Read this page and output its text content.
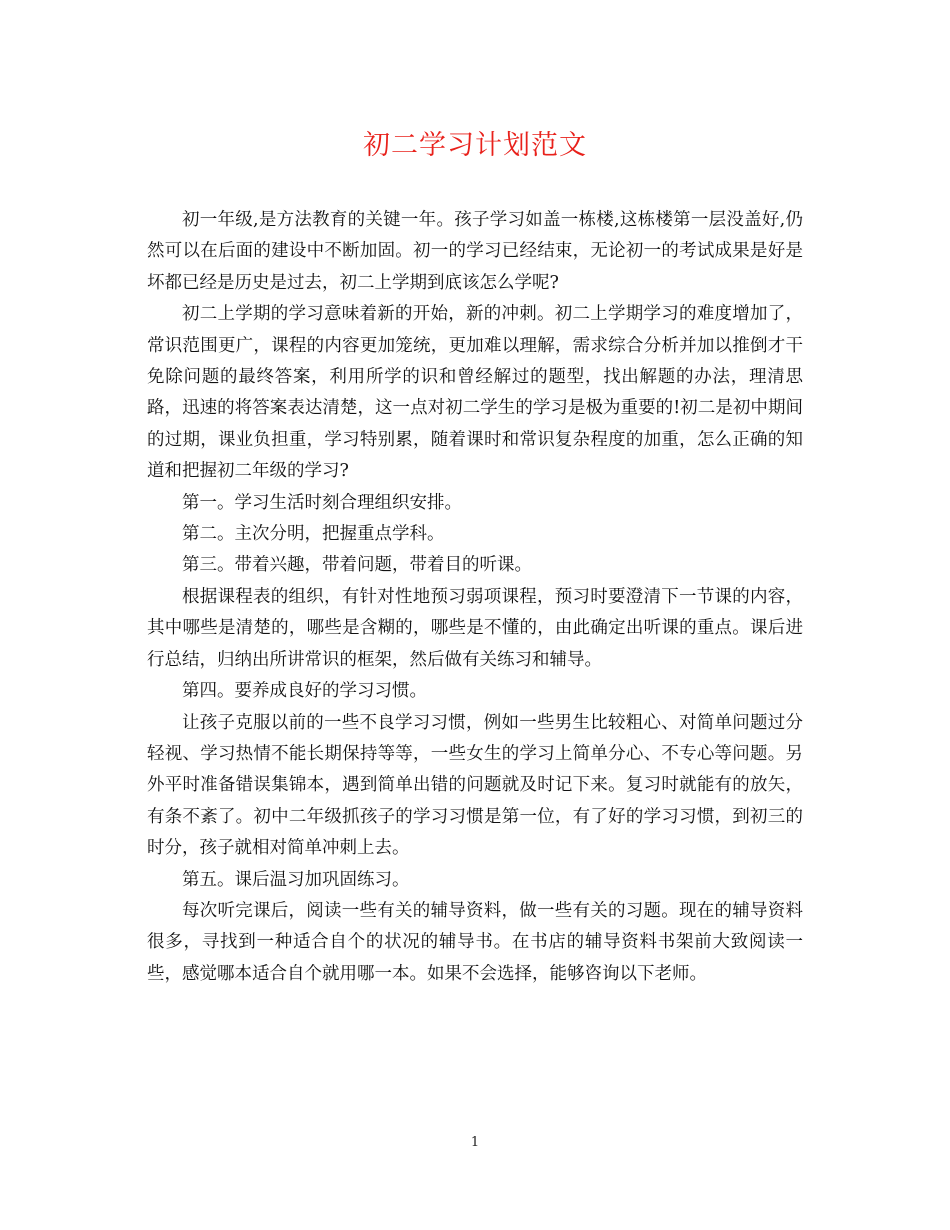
初二学习计划范文

初一年级,是方法教育的关键一年。孩子学习如盖一栋楼,这栋楼第一层没盖好,仍然可以在后面的建设中不断加固。初一的学习已经结束，无论初一的考试成果是好是坏都已经是历史是过去，初二上学期到底该怎么学呢?

初二上学期的学习意味着新的开始，新的冲刺。初二上学期学习的难度增加了，常识范围更广，课程的内容更加笼统，更加难以理解，需求综合分析并加以推倒才干免除问题的最终答案，利用所学的识和曾经解过的题型，找出解题的办法，理清思路，迅速的将答案表达清楚，这一点对初二学生的学习是极为重要的!初二是初中期间的过期，课业负担重，学习特别累，随着课时和常识复杂程度的加重，怎么正确的知道和把握初二年级的学习?

第一。学习生活时刻合理组织安排。

第二。主次分明，把握重点学科。

第三。带着兴趣，带着问题，带着目的听课。

根据课程表的组织，有针对性地预习弱项课程，预习时要澄清下一节课的内容，其中哪些是清楚的，哪些是含糊的，哪些是不懂的，由此确定出听课的重点。课后进行总结，归纳出所讲常识的框架，然后做有关练习和辅导。

第四。要养成良好的学习习惯。

让孩子克服以前的一些不良学习习惯，例如一些男生比较粗心、对简单问题过分轻视、学习热情不能长期保持等等，一些女生的学习上简单分心、不专心等问题。另外平时准备错误集锦本，遇到简单出错的问题就及时记下来。复习时就能有的放矢，有条不紊了。初中二年级抓孩子的学习习惯是第一位，有了好的学习习惯，到初三的时分，孩子就相对简单冲刺上去。

第五。课后温习加巩固练习。

每次听完课后，阅读一些有关的辅导资料，做一些有关的习题。现在的辅导资料很多，寻找到一种适合自个的状况的辅导书。在书店的辅导资料书架前大致阅读一些，感觉哪本适合自个就用哪一本。如果不会选择，能够咨询以下老师。

1
